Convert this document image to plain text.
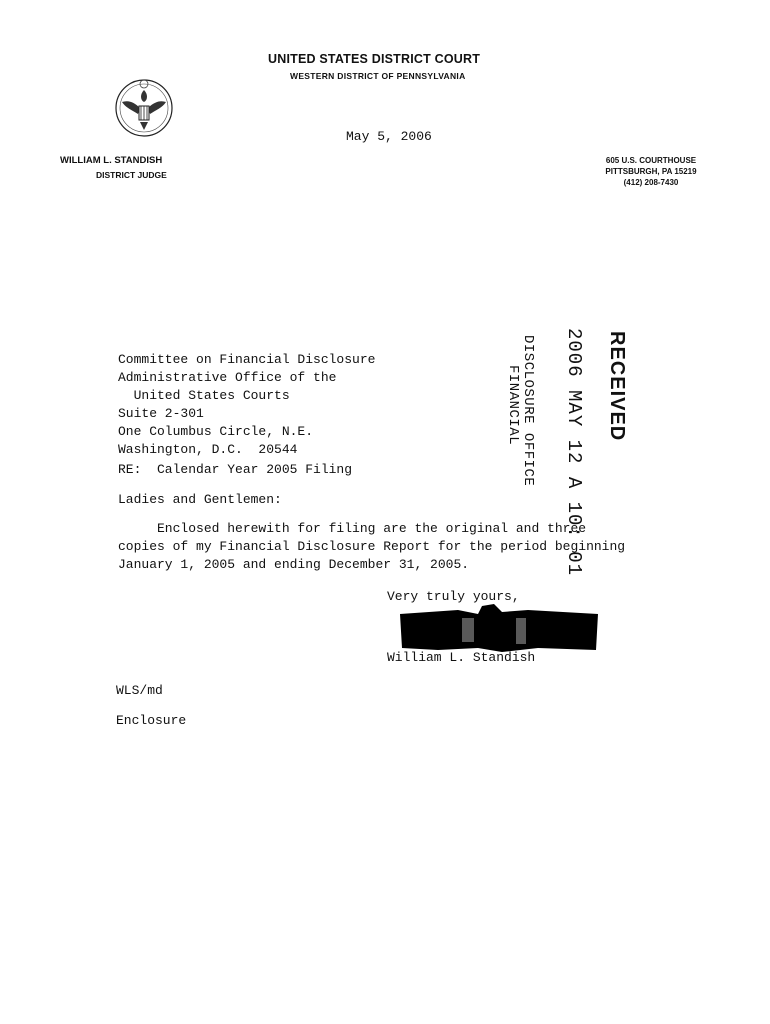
UNITED STATES DISTRICT COURT
WESTERN DISTRICT OF PENNSYLVANIA
May 5, 2006
WILLIAM L. STANDISH
DISTRICT JUDGE
605 U.S. COURTHOUSE
PITTSBURGH, PA 15219
(412) 208-7430
Committee on Financial Disclosure
Administrative Office of the
United States Courts
Suite 2-301
One Columbus Circle, N.E.
Washington, D.C.  20544	DISCLOSURE OFFICE
FINANCIAL 2006 MAY 12 A 10: 01 RECEIVED
RE:  Calendar Year 2005 Filing
Ladies and Gentlemen:
Enclosed herewith for filing are the original and three
copies of my Financial Disclosure Report for the period beginning
January 1, 2005 and ending December 31, 2005.
Very truly yours,
William L. Standish
WLS/md
Enclosure
